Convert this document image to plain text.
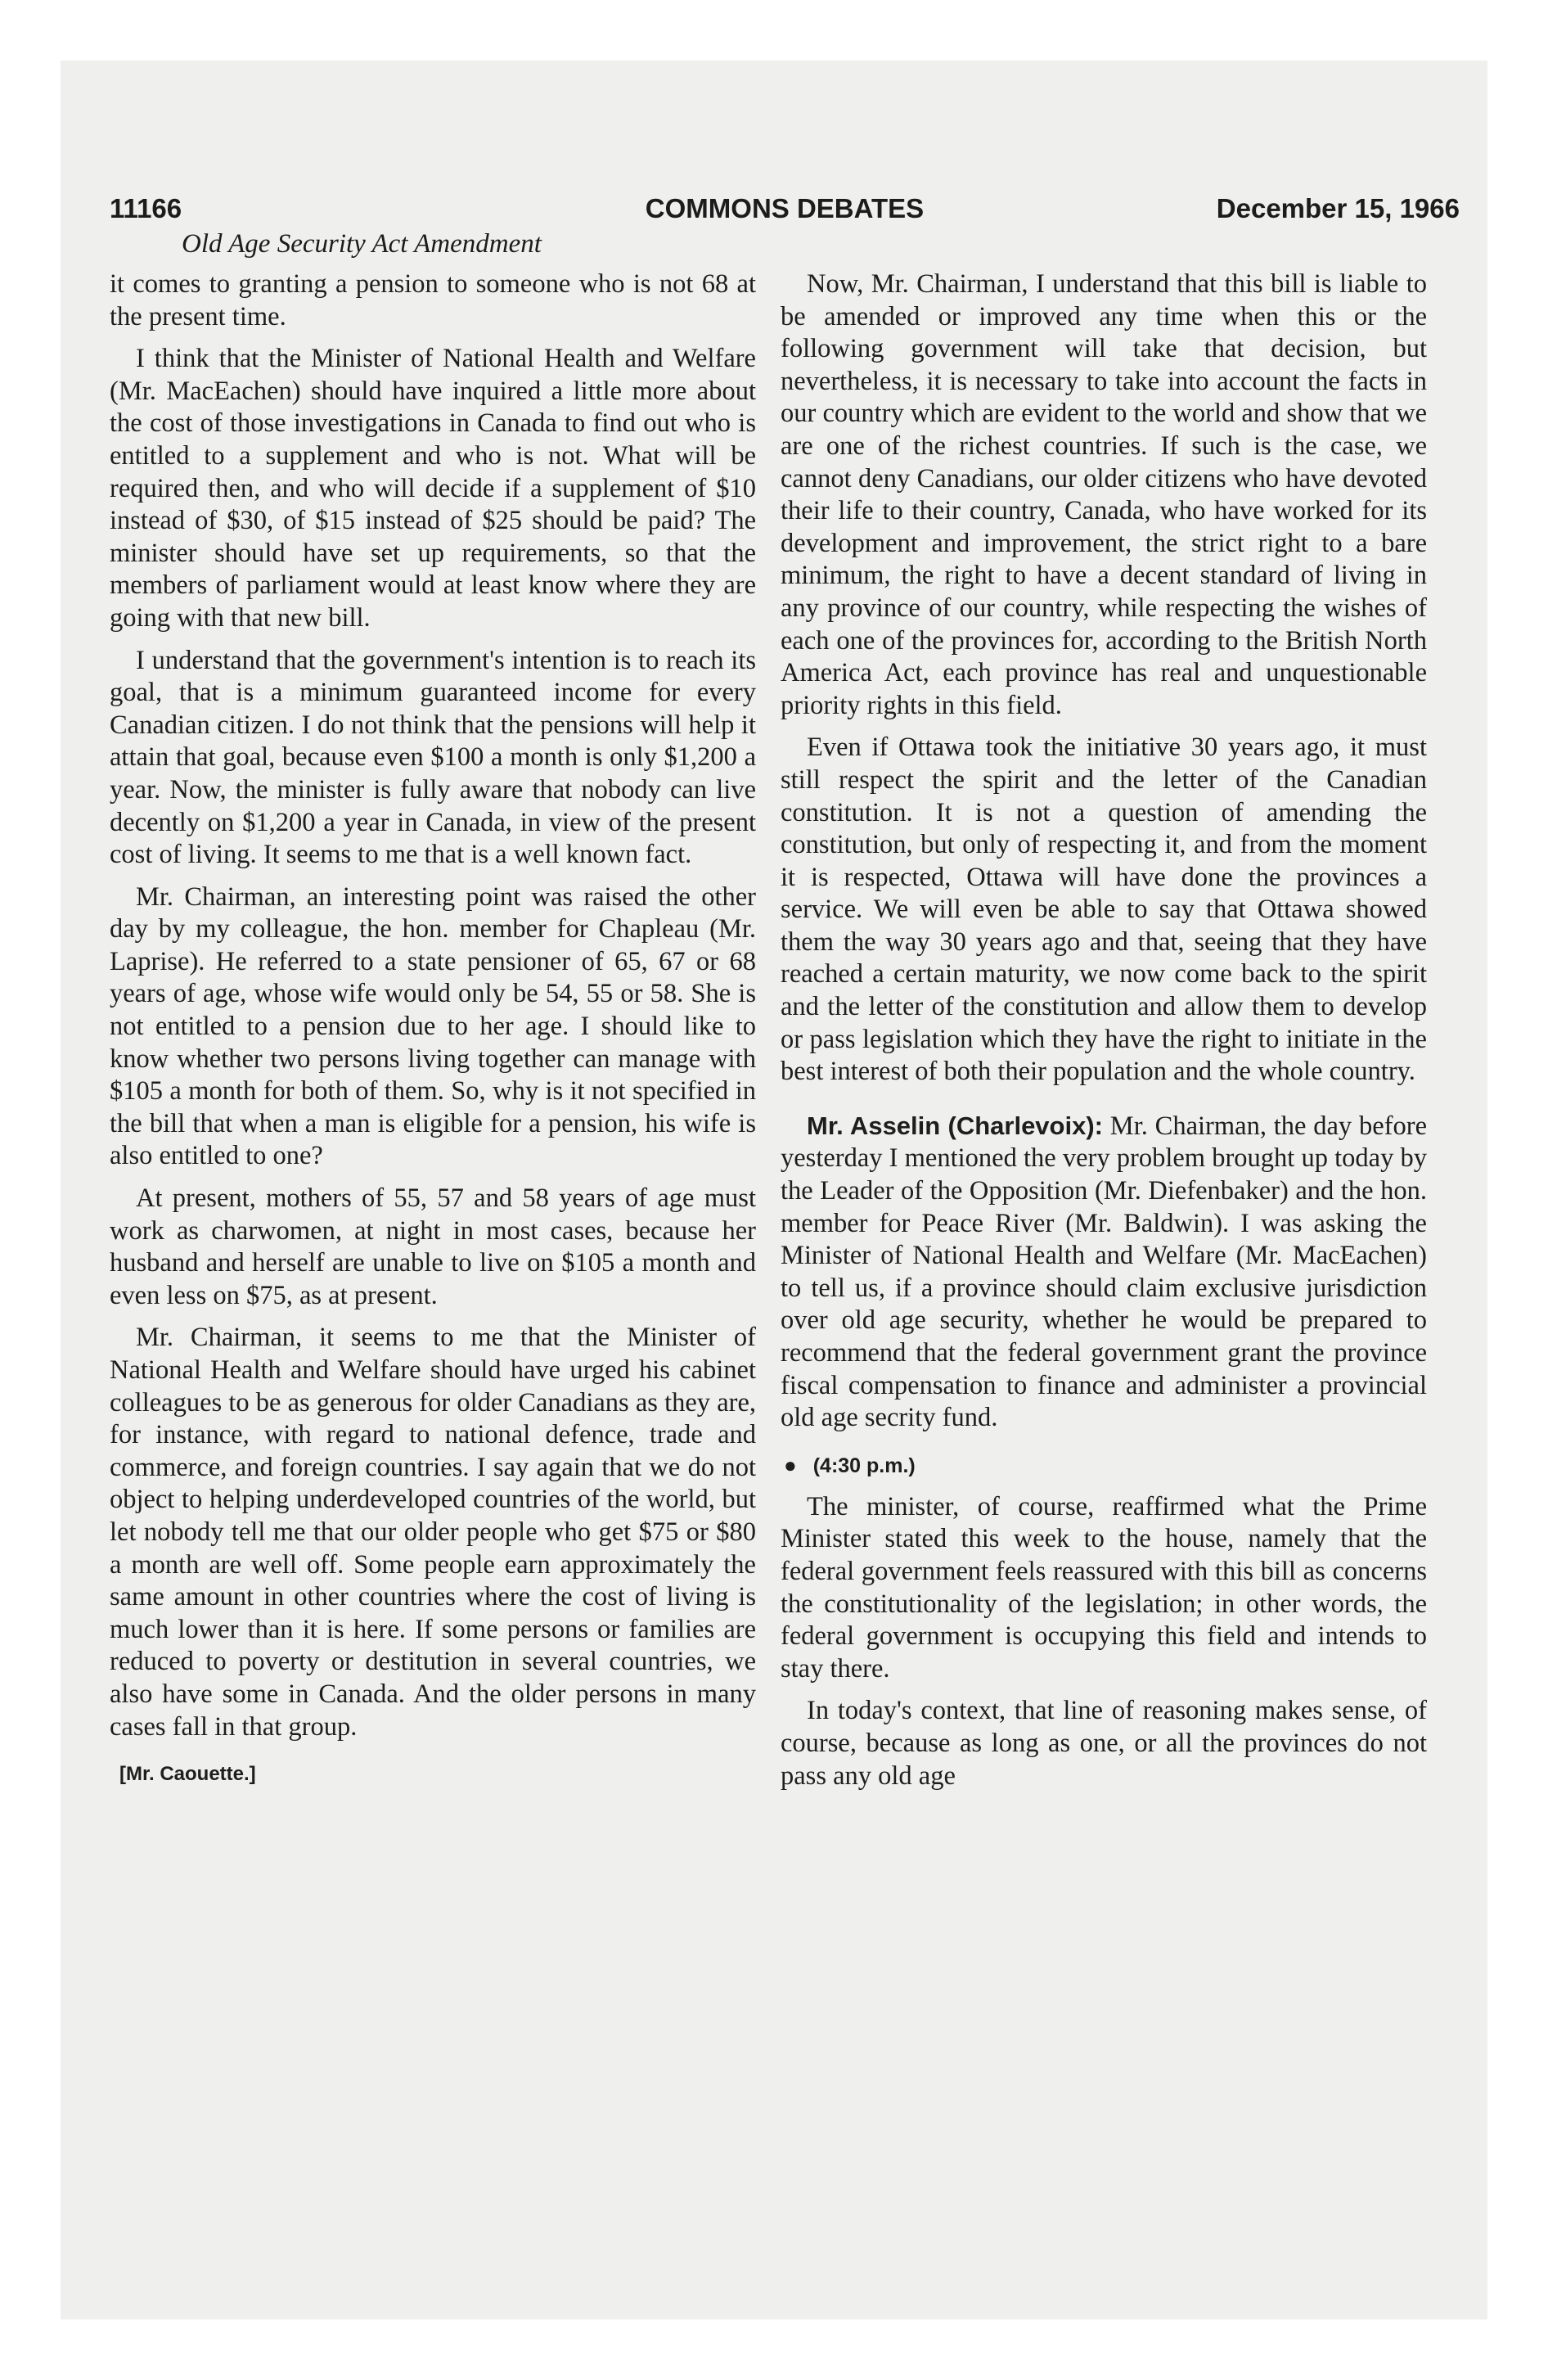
11166	COMMONS DEBATES	December 15, 1966
Old Age Security Act Amendment

it comes to granting a pension to someone who is not 68 at the present time.

I think that the Minister of National Health and Welfare (Mr. MacEachen) should have inquired a little more about the cost of those investigations in Canada to find out who is entitled to a supplement and who is not. What will be required then, and who will decide if a supplement of $10 instead of $30, of $15 instead of $25 should be paid? The minister should have set up requirements, so that the members of parliament would at least know where they are going with that new bill.

I understand that the government's intention is to reach its goal, that is a minimum guaranteed income for every Canadian citizen. I do not think that the pensions will help it attain that goal, because even $100 a month is only $1,200 a year. Now, the minister is fully aware that nobody can live decently on $1,200 a year in Canada, in view of the present cost of living. It seems to me that is a well known fact.

Mr. Chairman, an interesting point was raised the other day by my colleague, the hon. member for Chapleau (Mr. Laprise). He referred to a state pensioner of 65, 67 or 68 years of age, whose wife would only be 54, 55 or 58. She is not entitled to a pension due to her age. I should like to know whether two persons living together can manage with $105 a month for both of them. So, why is it not specified in the bill that when a man is eligible for a pension, his wife is also entitled to one?

At present, mothers of 55, 57 and 58 years of age must work as charwomen, at night in most cases, because her husband and herself are unable to live on $105 a month and even less on $75, as at present.

Mr. Chairman, it seems to me that the Minister of National Health and Welfare should have urged his cabinet colleagues to be as generous for older Canadians as they are, for instance, with regard to national defence, trade and commerce, and foreign countries. I say again that we do not object to helping underdeveloped countries of the world, but let nobody tell me that our older people who get $75 or $80 a month are well off. Some people earn approximately the same amount in other countries where the cost of living is much lower than it is here. If some persons or families are reduced to poverty or destitution in several countries, we also have some in Canada. And the older persons in many cases fall in that group.

[Mr. Caouette.]

Now, Mr. Chairman, I understand that this bill is liable to be amended or improved any time when this or the following government will take that decision, but nevertheless, it is necessary to take into account the facts in our country which are evident to the world and show that we are one of the richest countries. If such is the case, we cannot deny Canadians, our older citizens who have devoted their life to their country, Canada, who have worked for its development and improvement, the strict right to a bare minimum, the right to have a decent standard of living in any province of our country, while respecting the wishes of each one of the provinces for, according to the British North America Act, each province has real and unquestionable priority rights in this field.

Even if Ottawa took the initiative 30 years ago, it must still respect the spirit and the letter of the Canadian constitution. It is not a question of amending the constitution, but only of respecting it, and from the moment it is respected, Ottawa will have done the provinces a service. We will even be able to say that Ottawa showed them the way 30 years ago and that, seeing that they have reached a certain maturity, we now come back to the spirit and the letter of the constitution and allow them to develop or pass legislation which they have the right to initiate in the best interest of both their population and the whole country.

Mr. Asselin (Charlevoix): Mr. Chairman, the day before yesterday I mentioned the very problem brought up today by the Leader of the Opposition (Mr. Diefenbaker) and the hon. member for Peace River (Mr. Baldwin). I was asking the Minister of National Health and Welfare (Mr. MacEachen) to tell us, if a province should claim exclusive jurisdiction over old age security, whether he would be prepared to recommend that the federal government grant the province fiscal compensation to finance and administer a provincial old age secrity fund.

● (4:30 p.m.)

The minister, of course, reaffirmed what the Prime Minister stated this week to the house, namely that the federal government feels reassured with this bill as concerns the constitutionality of the legislation; in other words, the federal government is occupying this field and intends to stay there.

In today's context, that line of reasoning makes sense, of course, because as long as one, or all the provinces do not pass any old age
